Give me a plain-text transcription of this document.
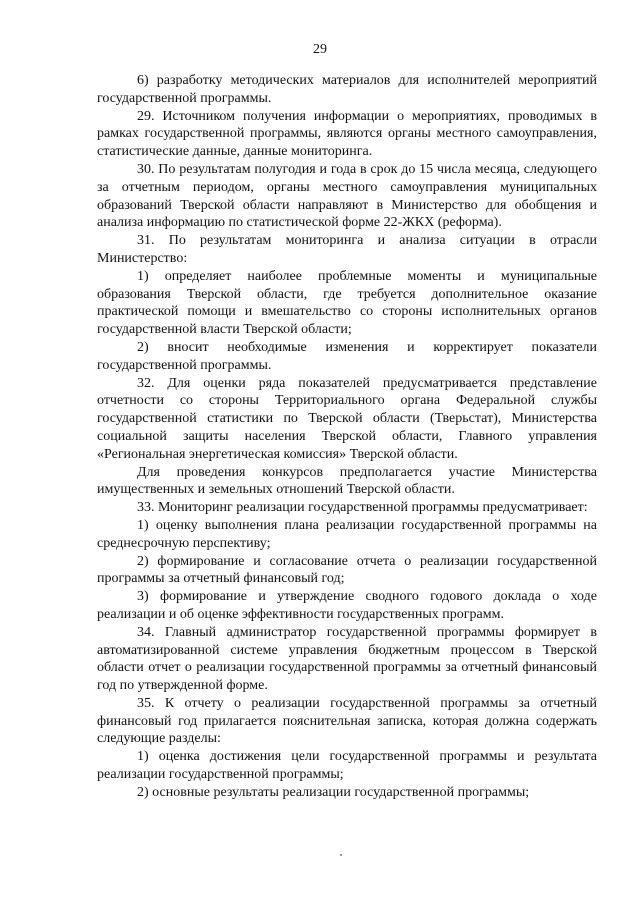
29

6) разработку методических материалов для исполнителей мероприятий государственной программы.

29. Источником получения информации о мероприятиях, проводимых в рамках государственной программы, являются органы местного самоуправления, статистические данные, данные мониторинга.

30. По результатам полугодия и года в срок до 15 числа месяца, следующего за отчетным периодом, органы местного самоуправления муниципальных образований Тверской области направляют в Министерство для обобщения и анализа информацию по статистической форме 22-ЖКХ (реформа).

31. По результатам мониторинга и анализа ситуации в отрасли Министерство:

1) определяет наиболее проблемные моменты и муниципальные образования Тверской области, где требуется дополнительное оказание практической помощи и вмешательство со стороны исполнительных органов государственной власти Тверской области;

2) вносит необходимые изменения и корректирует показатели государственной программы.

32. Для оценки ряда показателей предусматривается представление отчетности со стороны Территориального органа Федеральной службы государственной статистики по Тверской области (Тверьстат), Министерства социальной защиты населения Тверской области, Главного управления «Региональная энергетическая комиссия» Тверской области.

Для проведения конкурсов предполагается участие Министерства имущественных и земельных отношений Тверской области.

33. Мониторинг реализации государственной программы предусматривает:

1) оценку выполнения плана реализации государственной программы на среднесрочную перспективу;

2) формирование и согласование отчета о реализации государственной программы за отчетный финансовый год;

3) формирование и утверждение сводного годового доклада о ходе реализации и об оценке эффективности государственных программ.

34. Главный администратор государственной программы формирует в автоматизированной системе управления бюджетным процессом в Тверской области отчет о реализации государственной программы за отчетный финансовый год по утвержденной форме.

35. К отчету о реализации государственной программы за отчетный финансовый год прилагается пояснительная записка, которая должна содержать следующие разделы:

1) оценка достижения цели государственной программы и результата реализации государственной программы;

2) основные результаты реализации государственной программы;
